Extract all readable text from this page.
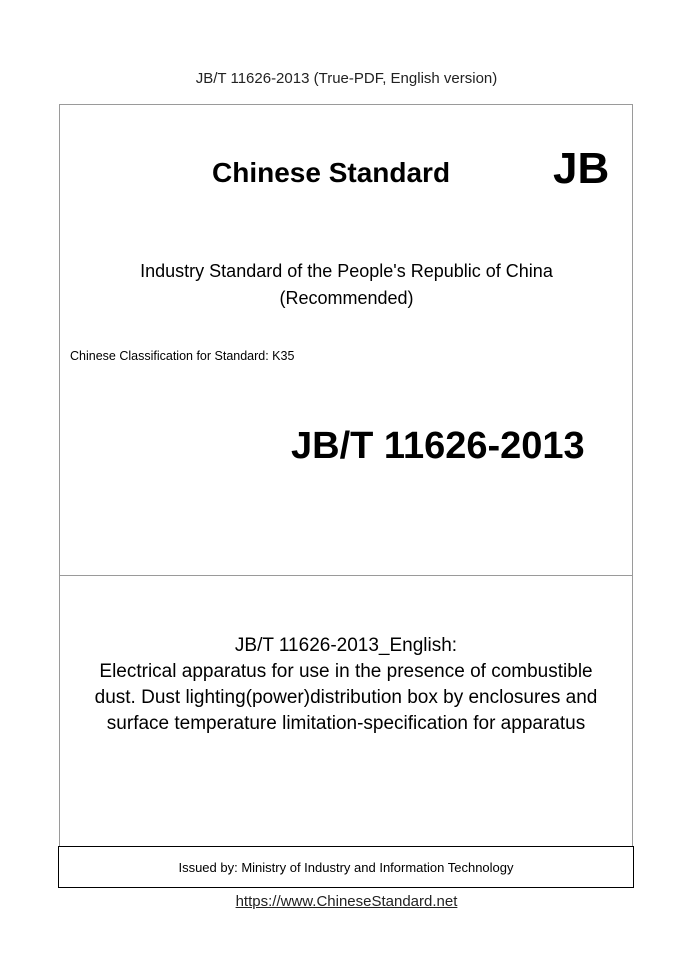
JB/T 11626-2013 (True-PDF, English version)
Chinese Standard JB
Industry Standard of the People's Republic of China
(Recommended)
Chinese Classification for Standard: K35
JB/T 11626-2013
JB/T 11626-2013_English:
Electrical apparatus for use in the presence of combustible
dust. Dust lighting(power)distribution box by enclosures and
surface temperature limitation-specification for apparatus
Issued by: Ministry of Industry and Information Technology
https://www.ChineseStandard.net
